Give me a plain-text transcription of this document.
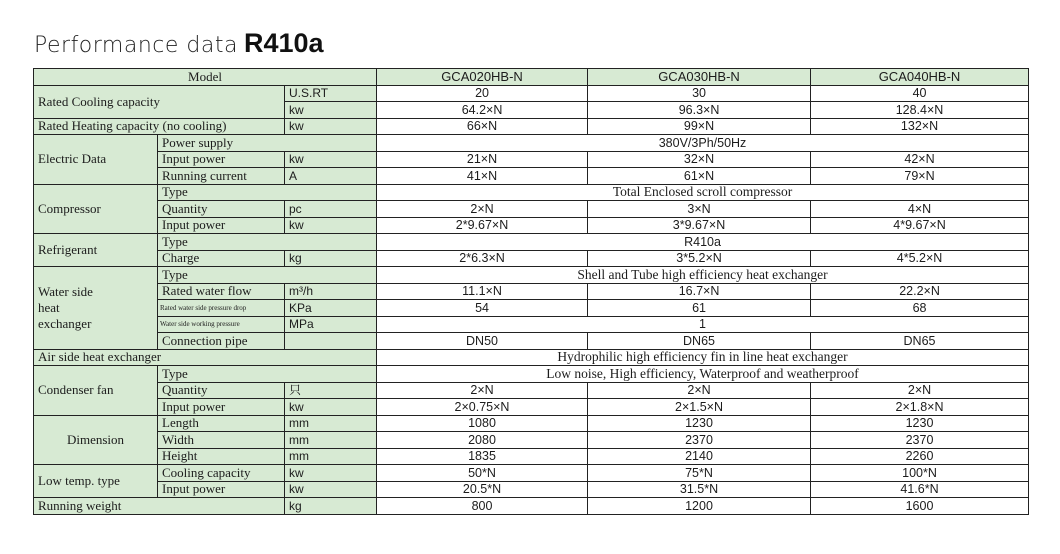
Performance data R410a
Model			GCA020HB-N	GCA030HB-N	GCA040HB-N
Rated Cooling capacity		U.S.RT	20	30	40
		kw	64.2×N	96.3×N	128.4×N
Rated Heating capacity (no cooling)		kw	66×N	99×N	132×N
Electric Data	Power supply		380V/3Ph/50Hz		
	Input power	kw	21×N	32×N	42×N
	Running current	A	41×N	61×N	79×N
Compressor	Type		Total Enclosed scroll compressor		
	Quantity	pc	2×N	3×N	4×N
	Input power	kw	2*9.67×N	3*9.67×N	4*9.67×N
Refrigerant	Type		R410a		
	Charge	kg	2*6.3×N	3*5.2×N	4*5.2×N

Water side
heat
exchanger	Type		Shell and Tube high efficiency heat exchanger		
	Rated water flow	m³/h	11.1×N	16.7×N	22.2×N
	Rated water side pressure drop	KPa	54	61	68
	Water side working pressure	MPa	1		
	Connection pipe		DN50	DN65	DN65
Air side heat exchanger			Hydrophilic high efficiency fin in line heat exchanger		
Condenser fan	Type		Low noise, High efficiency, Waterproof and weatherproof		
	Quantity	只	2×N	2×N	2×N
	Input power	kw	2×0.75×N	2×1.5×N	2×1.8×N
Dimension	Length	mm	1080	1230	1230
	Width	mm	2080	2370	2370
	Height	mm	1835	2140	2260
Low temp. type	Cooling capacity	kw	50*N	75*N	100*N
	Input power	kw	20.5*N	31.5*N	41.6*N
Running weight		kg	800	1200	1600
